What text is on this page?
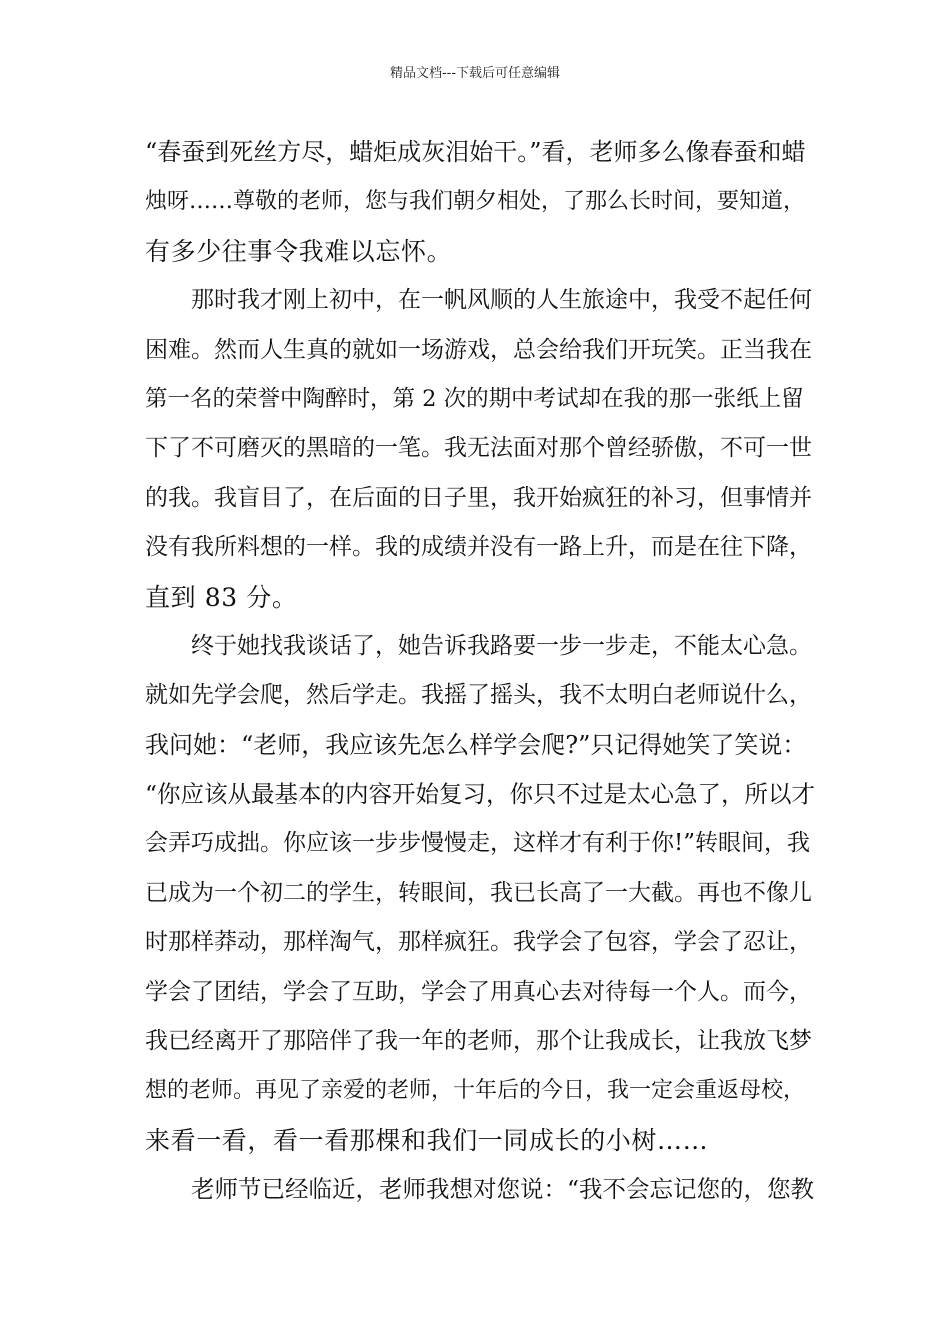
精品文档---下载后可任意编辑
“春蚕到死丝方尽，蜡炬成灰泪始干。”看，老师多么像春蚕和蜡
烛呀……尊敬的老师，您与我们朝夕相处，了那么长时间，要知道，
有多少往事令我难以忘怀。
那时我才刚上初中，在一帆风顺的人生旅途中，我受不起任何
困难。然而人生真的就如一场游戏，总会给我们开玩笑。正当我在
第一名的荣誉中陶醉时，第 2 次的期中考试却在我的那一张纸上留
下了不可磨灭的黑暗的一笔。我无法面对那个曾经骄傲，不可一世
的我。我盲目了，在后面的日子里，我开始疯狂的补习，但事情并
没有我所料想的一样。我的成绩并没有一路上升，而是在往下降，
直到 83 分。
终于她找我谈话了，她告诉我路要一步一步走，不能太心急。
就如先学会爬，然后学走。我摇了摇头，我不太明白老师说什么，
我问她：“老师，我应该先怎么样学会爬?”只记得她笑了笑说：
“你应该从最基本的内容开始复习，你只不过是太心急了，所以才
会弄巧成拙。你应该一步步慢慢走，这样才有利于你!”转眼间，我
已成为一个初二的学生，转眼间，我已长高了一大截。再也不像儿
时那样莽动，那样淘气，那样疯狂。我学会了包容，学会了忍让，
学会了团结，学会了互助，学会了用真心去对待每一个人。而今，
我已经离开了那陪伴了我一年的老师，那个让我成长，让我放飞梦
想的老师。再见了亲爱的老师，十年后的今日，我一定会重返母校，
来看一看，看一看那棵和我们一同成长的小树……
老师节已经临近，老师我想对您说：“我不会忘记您的，您教
